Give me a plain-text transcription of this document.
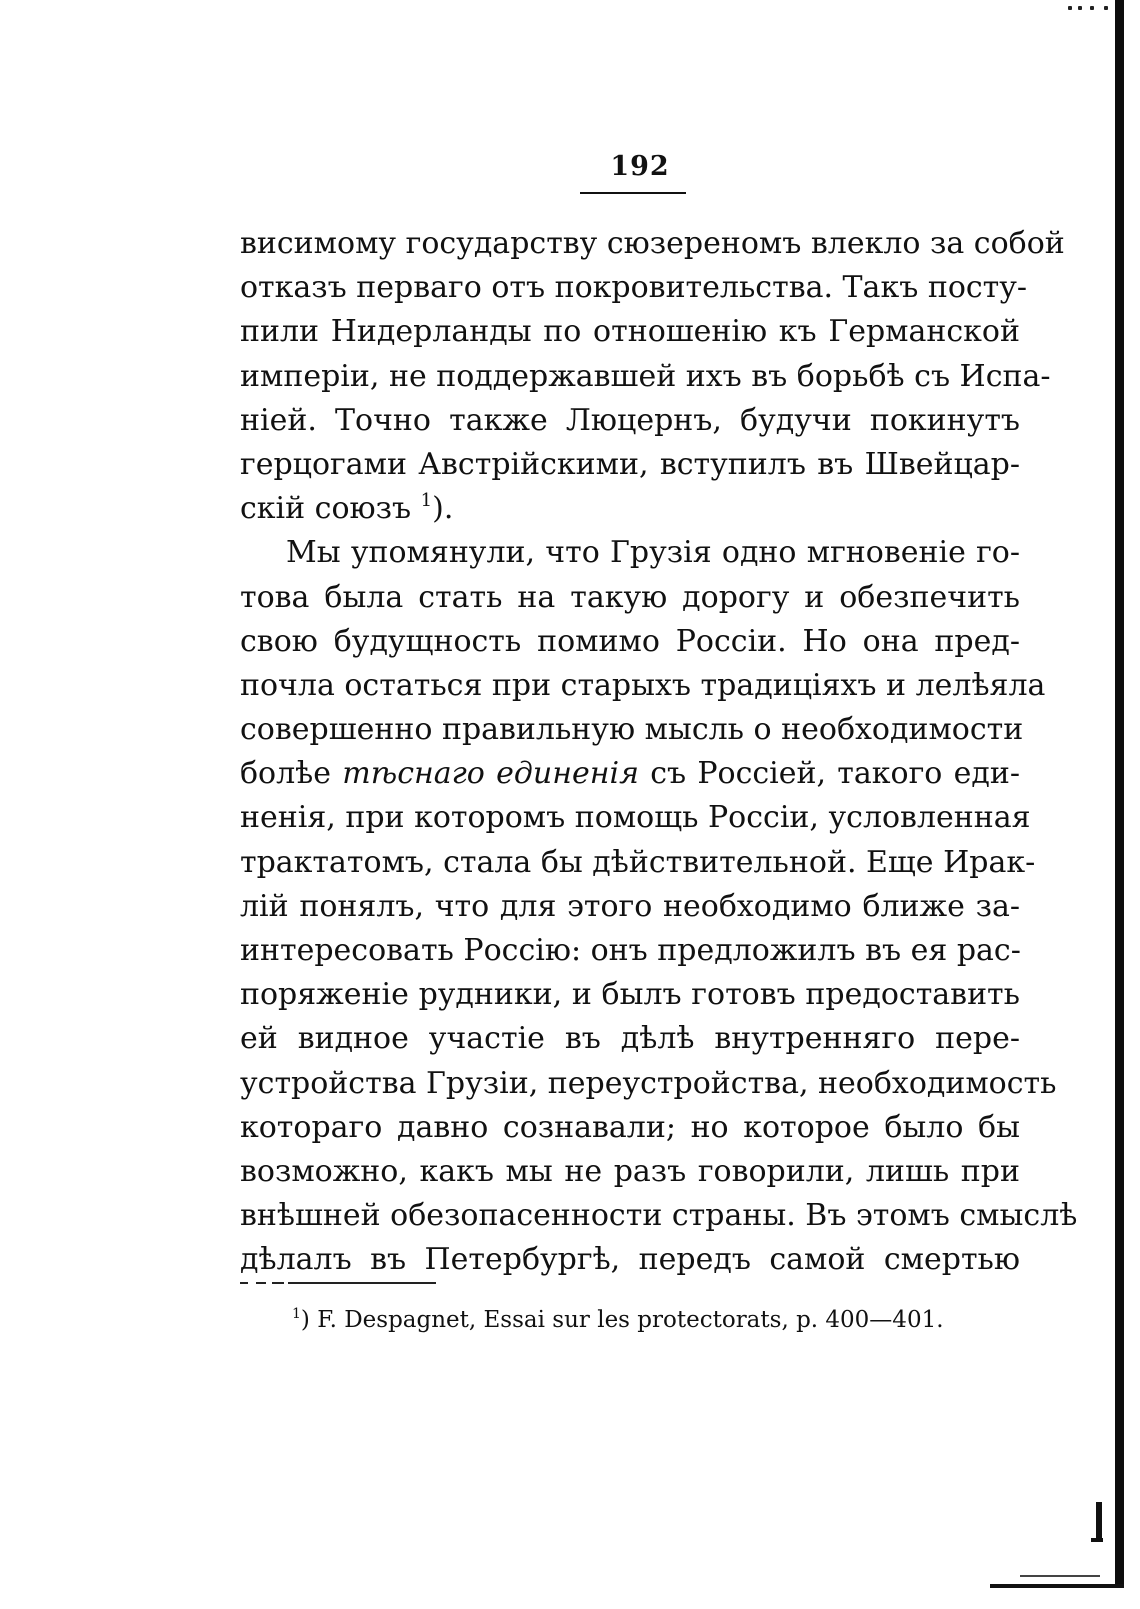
192
висимому государству сюзереномъ влекло за собой
отказъ перваго отъ покровительства. Такъ посту-
пили Нидерланды по отношенію къ Германской
имперіи, не поддержавшей ихъ въ борьбѣ съ Испа-
ніей. Точно также Люцернъ, будучи покинутъ
герцогами Австрійскими, вступилъ въ Швейцар-
скій союзъ $^1$).
Мы упомянули, что Грузія одно мгновеніе го-
това была стать на такую дорогу и обезпечить
свою будущность помимо Россіи. Но она пред-
почла остаться при старыхъ традиціяхъ и лелѣяла
совершенно правильную мысль о необходимости
болѣе тѣснаго единенія съ Россіей, такого еди-
ненія, при которомъ помощь Россіи, условленная
трактатомъ, стала бы дѣйствительной. Еще Ирак-
лій понялъ, что для этого необходимо ближе за-
интересовать Россію: онъ предложилъ въ ея рас-
поряженіе рудники, и былъ готовъ предоставить
ей видное участіе въ дѣлѣ внутренняго пере-
устройства Грузіи, переустройства, необходимость
котораго давно сознавали; но которое было бы
возможно, какъ мы не разъ говорили, лишь при
внѣшней обезопасенности страны. Въ этомъ смыслѣ
дѣлалъ въ Петербургѣ, передъ самой смертью
$^1$) F. Despagnet, Essai sur les protectorats, p. 400—401.
